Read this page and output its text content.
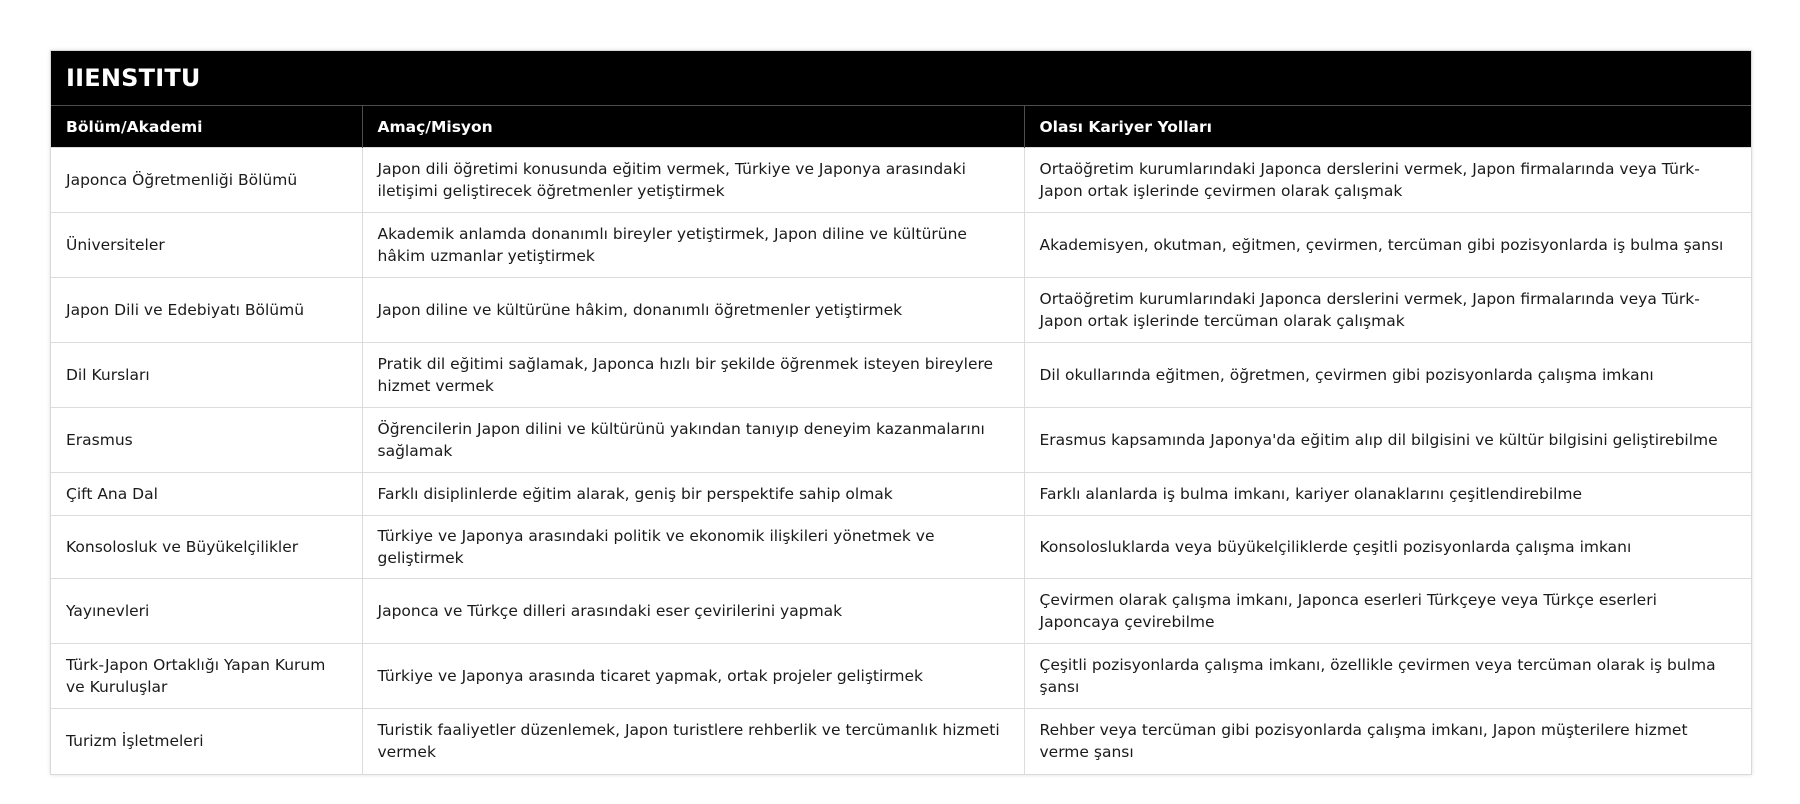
IIENSTITU
Bölüm/Akademi	Amaç/Misyon	Olası Kariyer Yolları
Japonca Öğretmenliği Bölümü	Japon dili öğretimi konusunda eğitim vermek, Türkiye ve Japonya arasındaki iletişimi geliştirecek öğretmenler yetiştirmek	Ortaöğretim kurumlarındaki Japonca derslerini vermek, Japon firmalarında veya Türk-Japon ortak işlerinde çevirmen olarak çalışmak
Üniversiteler	Akademik anlamda donanımlı bireyler yetiştirmek, Japon diline ve kültürüne hâkim uzmanlar yetiştirmek	Akademisyen, okutman, eğitmen, çevirmen, tercüman gibi pozisyonlarda iş bulma şansı
Japon Dili ve Edebiyatı Bölümü	Japon diline ve kültürüne hâkim, donanımlı öğretmenler yetiştirmek	Ortaöğretim kurumlarındaki Japonca derslerini vermek, Japon firmalarında veya Türk-Japon ortak işlerinde tercüman olarak çalışmak
Dil Kursları	Pratik dil eğitimi sağlamak, Japonca hızlı bir şekilde öğrenmek isteyen bireylere hizmet vermek	Dil okullarında eğitmen, öğretmen, çevirmen gibi pozisyonlarda çalışma imkanı
Erasmus	Öğrencilerin Japon dilini ve kültürünü yakından tanıyıp deneyim kazanmalarını sağlamak	Erasmus kapsamında Japonya'da eğitim alıp dil bilgisini ve kültür bilgisini geliştirebilme
Çift Ana Dal	Farklı disiplinlerde eğitim alarak, geniş bir perspektife sahip olmak	Farklı alanlarda iş bulma imkanı, kariyer olanaklarını çeşitlendirebilme
Konsolosluk ve Büyükelçilikler	Türkiye ve Japonya arasındaki politik ve ekonomik ilişkileri yönetmek ve geliştirmek	Konsolosluklarda veya büyükelçiliklerde çeşitli pozisyonlarda çalışma imkanı
Yayınevleri	Japonca ve Türkçe dilleri arasındaki eser çevirilerini yapmak	Çevirmen olarak çalışma imkanı, Japonca eserleri Türkçeye veya Türkçe eserleri Japoncaya çevirebilme
Türk-Japon Ortaklığı Yapan Kurum ve Kuruluşlar	Türkiye ve Japonya arasında ticaret yapmak, ortak projeler geliştirmek	Çeşitli pozisyonlarda çalışma imkanı, özellikle çevirmen veya tercüman olarak iş bulma şansı
Turizm İşletmeleri	Turistik faaliyetler düzenlemek, Japon turistlere rehberlik ve tercümanlık hizmeti vermek	Rehber veya tercüman gibi pozisyonlarda çalışma imkanı, Japon müşterilere hizmet verme şansı
